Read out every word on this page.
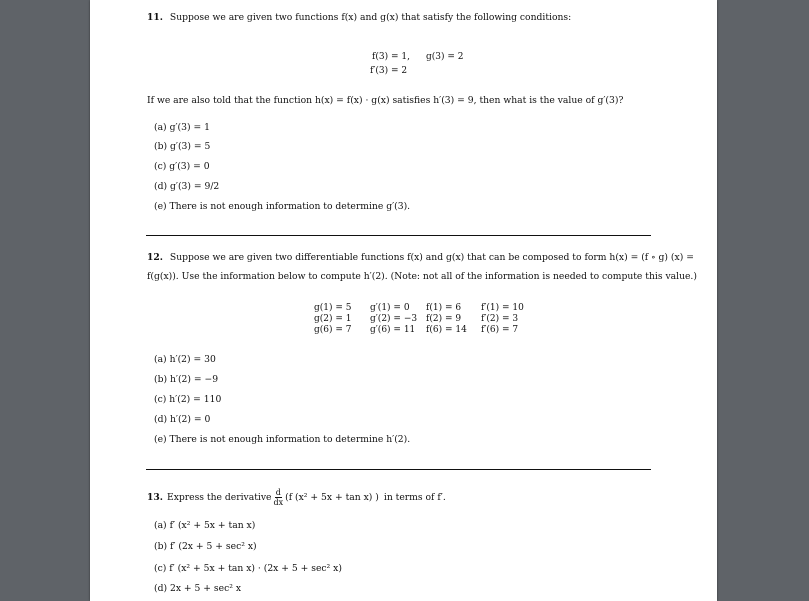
11. Suppose we are given two functions f(x) and g(x) that satisfy the following conditions:
f(3) = 1, g(3) = 2
f′(3) = 2
If we are also told that the function h(x) = f(x) · g(x) satisfies h′(3) = 9, then what is the value of g′(3)?
(a) g′(3) = 1
(b) g′(3) = 5
(c) g′(3) = 0
(d) g′(3) = 9/2
(e) There is not enough information to determine g′(3).
12. Suppose we are given two differentiable functions f(x) and g(x) that can be composed to form h(x) = (f ∘ g) (x) =
f(g(x)). Use the information below to compute h′(2). (Note: not all of the information is needed to compute this value.)
g(1) = 5	g′(1) = 0	f(1) = 6	f′(1) = 10
g(2) = 1	g′(2) = −3 f(2) = 9	f′(2) = 3
g(6) = 7	g′(6) = 11	f(6) = 14	f′(6) = 7
(a) h′(2) = 30
(b) h′(2) = −9
(c) h′(2) = 110
(d) h′(2) = 0
(e) There is not enough information to determine h′(2).
13. Express the derivative $\frac{d}{dx} (f$ (x² + 5x + tan x) ) in terms of f′.
(a) f′ (x² + 5x + tan x)
(b) f′ (2x + 5 + sec² x)
(c) f′ (x² + 5x + tan x) · (2x + 5 + sec² x)
(d) 2x + 5 + sec² x
